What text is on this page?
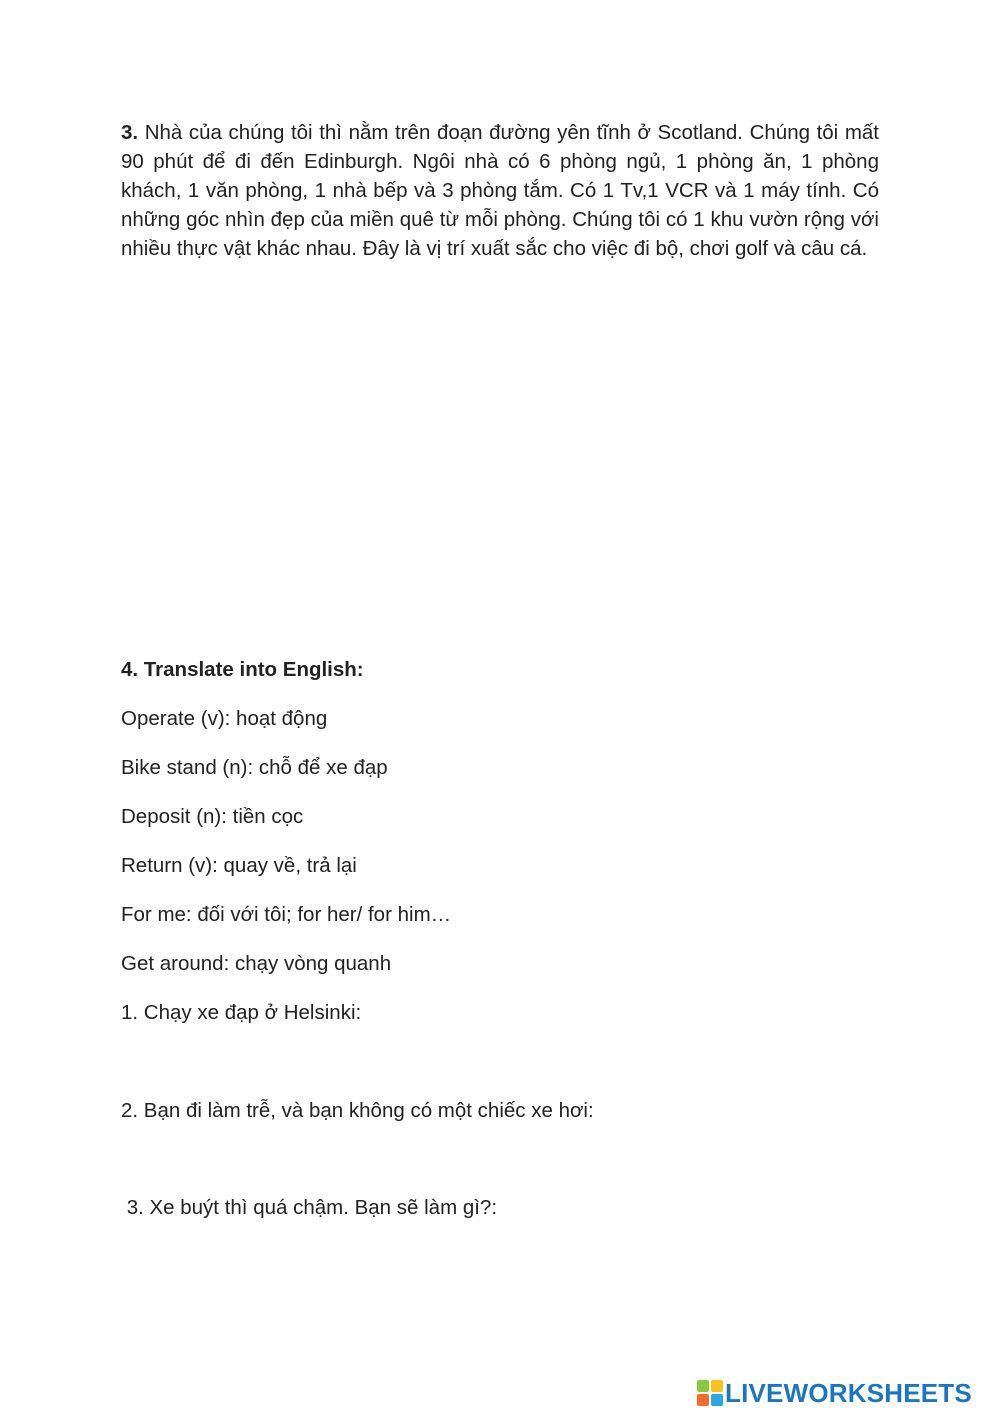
3. Nhà của chúng tôi thì nằm trên đoạn đường yên tĩnh ở Scotland. Chúng tôi mất 90 phút để đi đến Edinburgh. Ngôi nhà có 6 phòng ngủ, 1 phòng ăn, 1 phòng khách, 1 văn phòng, 1 nhà bếp và 3 phòng tắm. Có 1 Tv,1 VCR và 1 máy tính. Có những góc nhìn đẹp của miền quê từ mỗi phòng. Chúng tôi có 1 khu vườn rộng với nhiều thực vật khác nhau. Đây là vị trí xuất sắc cho việc đi bộ, chơi golf và câu cá.

4. Translate into English:

Operate (v): hoạt động

Bike stand (n): chỗ để xe đạp

Deposit (n): tiền cọc

Return (v): quay về, trả lại

For me: đối với tôi; for her/ for him…

Get around: chạy vòng quanh

1. Chạy xe đạp ở Helsinki:

2. Bạn đi làm trễ, và bạn không có một chiếc xe hơi:

3. Xe buýt thì quá chậm. Bạn sẽ làm gì?:

LIVEWORKSHEETS
